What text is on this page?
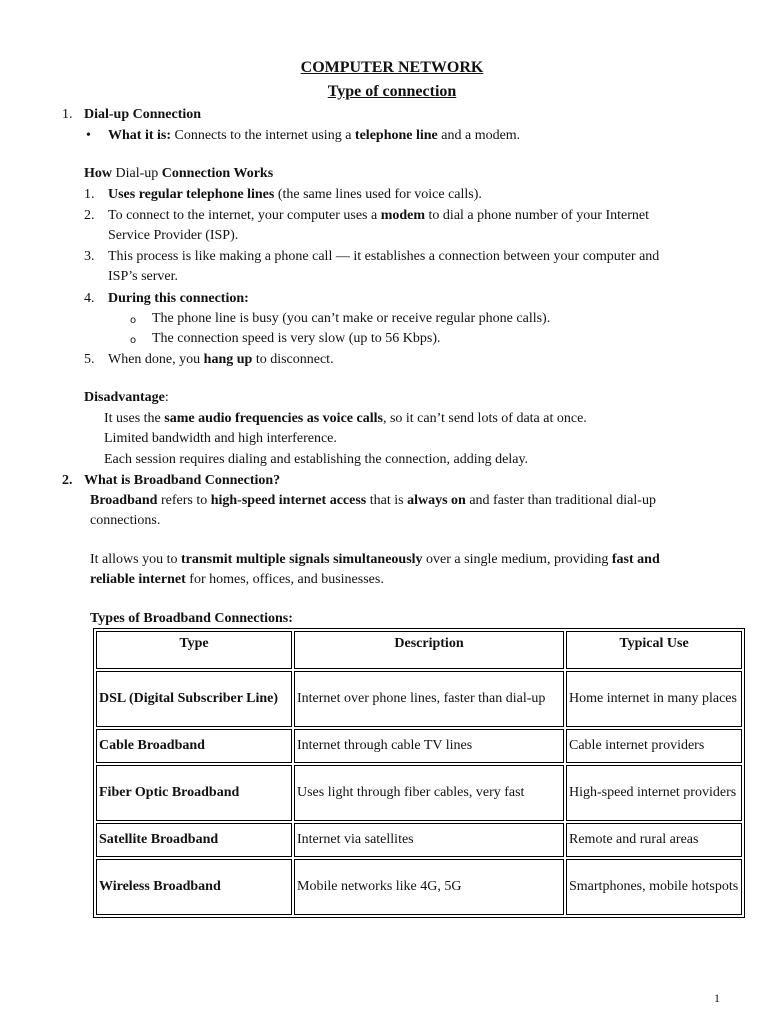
COMPUTER NETWORK
Type of connection
1. Dial-up Connection
• What it is: Connects to the internet using a telephone line and a modem.
How Dial-up Connection Works
1. Uses regular telephone lines (the same lines used for voice calls).
2. To connect to the internet, your computer uses a modem to dial a phone number of your Internet
Service Provider (ISP).
3. This process is like making a phone call — it establishes a connection between your computer and
ISP’s server.
4. During this connection:
o The phone line is busy (you can’t make or receive regular phone calls).
o The connection speed is very slow (up to 56 Kbps).
5. When done, you hang up to disconnect.
Disadvantage:
It uses the same audio frequencies as voice calls, so it can’t send lots of data at once.
Limited bandwidth and high interference.
Each session requires dialing and establishing the connection, adding delay.
2. What is Broadband Connection?
Broadband refers to high-speed internet access that is always on and faster than traditional dial-up
connections.
It allows you to transmit multiple signals simultaneously over a single medium, providing fast and
reliable internet for homes, offices, and businesses.
Types of Broadband Connections:
Type	Description	Typical Use
DSL (Digital Subscriber Line)	Internet over phone lines, faster than dial-up	Home internet in many places
Cable Broadband	Internet through cable TV lines	Cable internet providers
Fiber Optic Broadband	Uses light through fiber cables, very fast	High-speed internet providers
Satellite Broadband	Internet via satellites	Remote and rural areas
Wireless Broadband	Mobile networks like 4G, 5G	Smartphones, mobile hotspots
1
